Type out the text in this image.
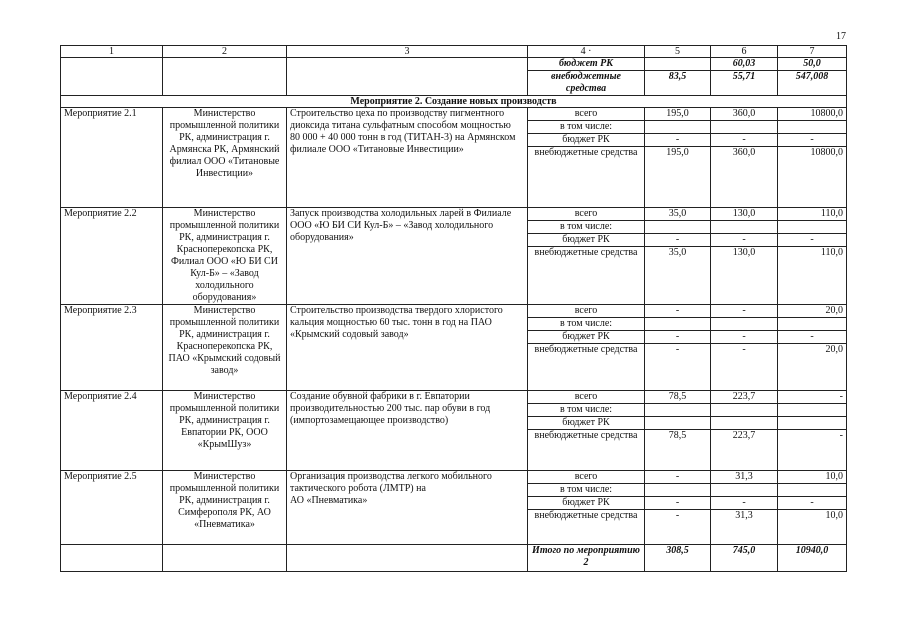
17
1	2	3	4 ·	5	6	7
			бюджет РК		60,03	50,0
			внебюджетные средства	83,5	55,71	547,008
Мероприятие 2. Создание новых производств						
Мероприятие 2.1	Министерство промышленной политики РК, администрация г. Армянска РК, Армянский филиал ООО «Титановые Инвестиции»	Строительство цеха по производству пигментного диоксида титана сульфатным способом мощностью
80 000 + 40 000 тонн в год (ТИТАН-3) на Армянском филиале ООО «Титановые Инвестиции»	всего	195,0	360,0	10800,0
			в том числе:			
			бюджет РК	-	-	-
			внебюджетные средства	195,0	360,0	10800,0
Мероприятие 2.2	Министерство промышленной политики РК, администрация г. Красноперекопска РК, Филиал ООО «Ю БИ СИ Кул-Б» – «Завод холодильного оборудования»	Запуск производства холодильных ларей в Филиале ООО «Ю БИ СИ Кул-Б» – «Завод холодильного оборудования»	всего	35,0	130,0	110,0
			в том числе:			
			бюджет РК	-	-	-
			внебюджетные средства	35,0	130,0	110,0
Мероприятие 2.3	Министерство промышленной политики РК, администрация г. Красноперекопска РК, ПАО «Крымский содовый завод»	Строительство производства твердого хлористого кальция мощностью 60 тыс. тонн в год на ПАО «Крымский содовый завод»	всего	-	-	20,0
			в том числе:			
			бюджет РК	-	-	-
			внебюджетные средства	-	-	20,0
Мероприятие 2.4	Министерство промышленной политики РК, администрация г. Евпатории РК, ООО «КрымШуз»	Создание обувной фабрики в г. Евпатории производительностью 200 тыс. пар обуви в год (импортозамещающее производство)	всего	78,5	223,7	-
			в том числе:			
			бюджет РК			
			внебюджетные средства	78,5	223,7	-
Мероприятие 2.5	Министерство промышленной политики РК, администрация г. Симферополя РК, АО «Пневматика»	Организация производства легкого мобильного тактического робота (ЛМТР) на
АО «Пневматика»	всего	-	31,3	10,0
			в том числе:			
			бюджет РК	-	-	-
			внебюджетные средства	-	31,3	10,0
			Итого по мероприятию 2	308,5	745,0	10940,0
